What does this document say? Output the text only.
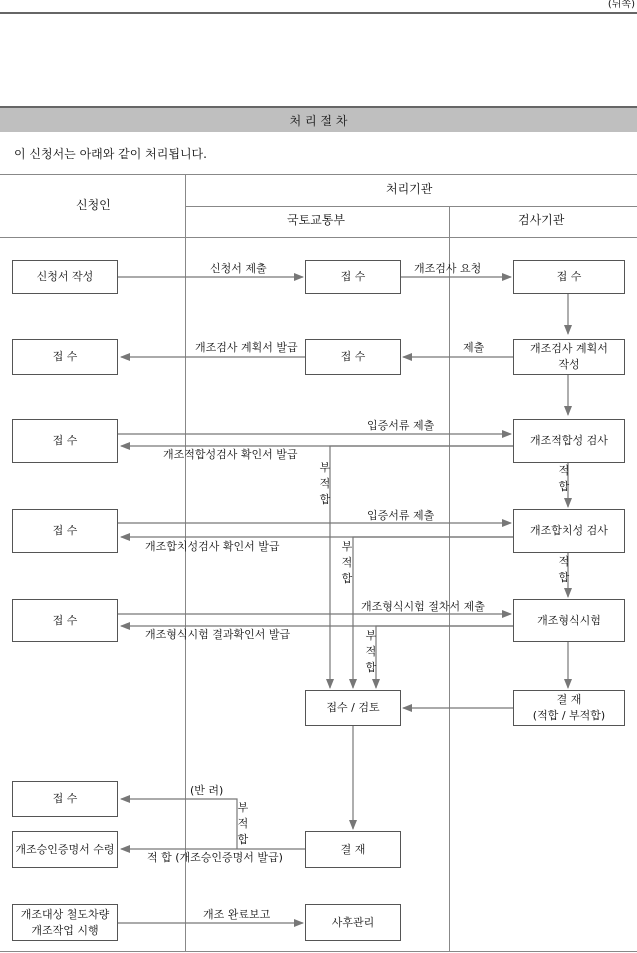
(뒤쪽)
처 리 절 차
이 신청서는 아래와 같이 처리됩니다.
신청인
처리기관
국토교통부	검사기관
신청서 작성	접 수	접 수
접 수	접 수
개조검사 계획서
작성
접 수	개조적합성 검사
접 수	개조합치성 검사
접 수	개조형식시험
접수 / 검토
결 재
(적합 / 부적합)
접 수
개조승인증명서 수령	결 재
개조대상 철도차량
개조작업 시행
사후관리
신청서 제출	개조검사 요청
개조검사 계획서 발급	제출
입증서류 제출
개조적합성검사 확인서 발급
입증서류 제출
개조합치성검사 확인서 발급
개조형식시험 절차서 제출
개조형식시험 결과확인서 발급
(반 려)
적 합 (개조승인증명서 발급)
개조 완료보고
적
합
적
합
부
적
합
부
적
합
부
적
합
부
적
합
